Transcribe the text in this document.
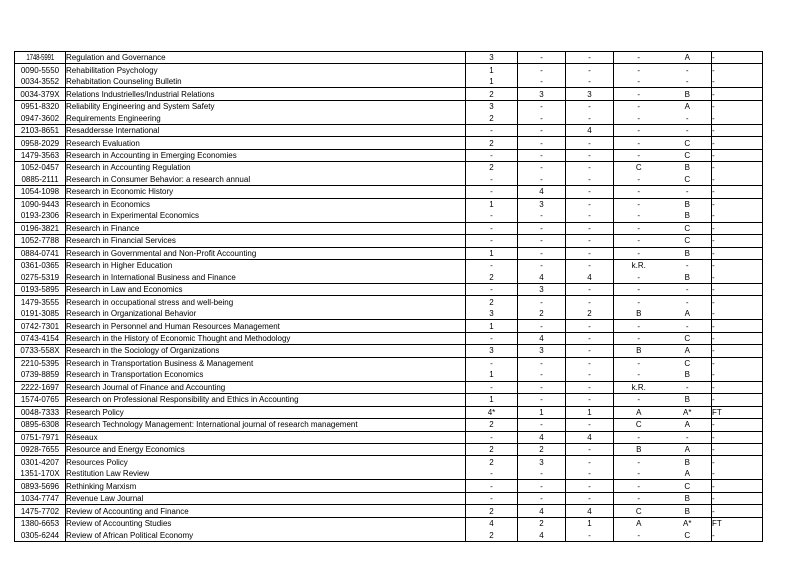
1748-5991	Regulation and Governance	3	-	-	-	A	-
0090-5550	Rehabilitation Psychology	1	-	-	-	-	-
0034-3552	Rehabitation Counseling Bulletin	1	-	-	-	-	-
0034-379X	Relations Industrielles/Industrial Relations	2	3	3	-	B	-
0951-8320	Reliability Engineering and System Safety	3	-	-	-	A	-
0947-3602	Requirements Engineering	2	-	-	-	-	-
2103-8651	Resaddersse International	-	-	4	-	-	-
0958-2029	Research Evaluation	2	-	-	-	C	-
1479-3563	Research in Accounting in Emerging Economies	-	-	-	-	C	-
1052-0457	Research in Accounting Regulation	2	-	-	C	B	-
0885-2111	Research in Consumer Behavior: a research annual	-	-	-	-	C	-
1054-1098	Research in Economic History	-	4	-	-	-	-
1090-9443	Research in Economics	1	3	-	-	B	-
0193-2306	Research in Experimental Economics	-	-	-	-	B	-
0196-3821	Research in Finance	-	-	-	-	C	-
1052-7788	Research in Financial Services	-	-	-	-	C	-
0884-0741	Research in Governmental and Non-Profit Accounting	1	-	-	-	B	-
0361-0365	Research in Higher Education	-	-	-	k.R.	-	-
0275-5319	Research in International Business and Finance	2	4	4	-	B	-
0193-5895	Research in Law and Economics	-	3	-	-	-	-
1479-3555	Research in occupational stress and well-being	2	-	-	-	-	-
0191-3085	Research in Organizational Behavior	3	2	2	B	A	-
0742-7301	Research in Personnel and Human Resources Management	1	-	-	-	-	-
0743-4154	Research in the History of Economic Thought and Methodology	-	4	-	-	C	-
0733-558X	Research in the Sociology of Organizations	3	3	-	B	A	-
2210-5395	Research in Transportation Business & Management	-	-	-	-	C	-
0739-8859	Research in Transportation Economics	1	-	-	-	B	-
2222-1697	Research Journal of Finance and Accounting	-	-	-	k.R.	-	-
1574-0765	Research on Professional Responsibility and Ethics in Accounting	1	-	-	-	B	-
0048-7333	Research Policy	4*	1	1	A	A*	FT
0895-6308	Research Technology Management: International journal of research management	2	-	-	C	A	-
0751-7971	Réseaux	-	4	4	-	-	-
0928-7655	Resource and Energy Economics	2	2	-	B	A	-
0301-4207	Resources Policy	2	3	-	-	B	-
1351-170X	Restitution Law Review	-	-	-	-	A	-
0893-5696	Rethinking Marxism	-	-	-	-	C	-
1034-7747	Revenue Law Journal	-	-	-	-	B	-
1475-7702	Review of Accounting and Finance	2	4	4	C	B	-
1380-6653	Review of Accounting Studies	4	2	1	A	A*	FT
0305-6244	Review of African Political Economy	2	4	-	-	C	-
